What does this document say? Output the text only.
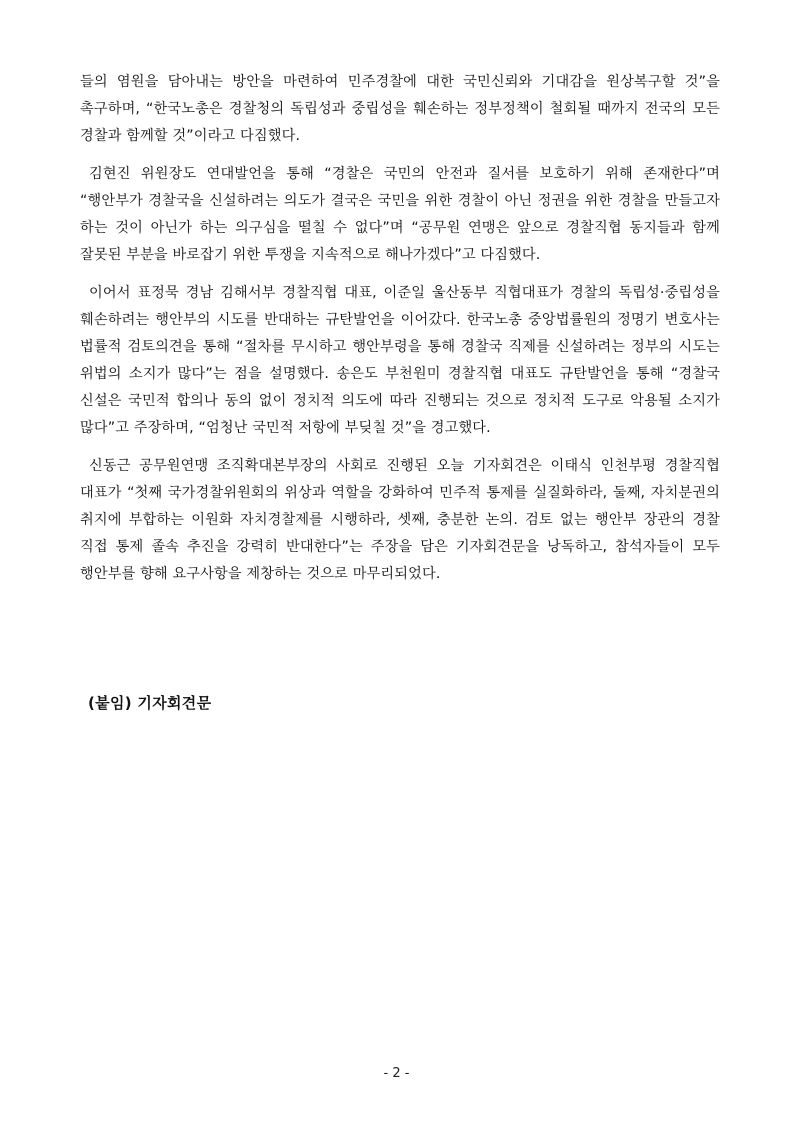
들의 염원을 담아내는 방안을 마련하여 민주경찰에 대한 국민신뢰와 기대감을 원상복구할 것”을 촉구하며, “한국노총은 경찰청의 독립성과 중립성을 훼손하는 정부정책이 철회될 때까지 전국의 모든 경찰과 함께할 것”이라고 다짐했다.

김현진 위원장도 연대발언을 통해 “경찰은 국민의 안전과 질서를 보호하기 위해 존재한다”며 “행안부가 경찰국을 신설하려는 의도가 결국은 국민을 위한 경찰이 아닌 정권을 위한 경찰을 만들고자 하는 것이 아닌가 하는 의구심을 떨칠 수 없다”며 “공무원 연맹은 앞으로 경찰직협 동지들과 함께 잘못된 부분을 바로잡기 위한 투쟁을 지속적으로 해나가겠다”고 다짐했다.

이어서 표정묵 경남 김해서부 경찰직협 대표, 이준일 울산동부 직협대표가 경찰의 독립성·중립성을 훼손하려는 행안부의 시도를 반대하는 규탄발언을 이어갔다. 한국노총 중앙법률원의 정명기 변호사는 법률적 검토의견을 통해 “절차를 무시하고 행안부령을 통해 경찰국 직제를 신설하려는 정부의 시도는 위법의 소지가 많다”는 점을 설명했다. 송은도 부천원미 경찰직협 대표도 규탄발언을 통해 “경찰국 신설은 국민적 합의나 동의 없이 정치적 의도에 따라 진행되는 것으로 정치적 도구로 악용될 소지가 많다”고 주장하며, “엄청난 국민적 저항에 부딪칠 것”을 경고했다.

신동근 공무원연맹 조직확대본부장의 사회로 진행된 오늘 기자회견은 이태식 인천부평 경찰직협 대표가 “첫째 국가경찰위원회의 위상과 역할을 강화하여 민주적 통제를 실질화하라, 둘째, 자치분권의 취지에 부합하는 이원화 자치경찰제를 시행하라, 셋째, 충분한 논의. 검토 없는 행안부 장관의 경찰 직접 통제 졸속 추진을 강력히 반대한다”는 주장을 담은 기자회견문을 낭독하고, 참석자들이 모두 행안부를 향해 요구사항을 제창하는 것으로 마무리되었다.

(붙임) 기자회견문
- 2 -
